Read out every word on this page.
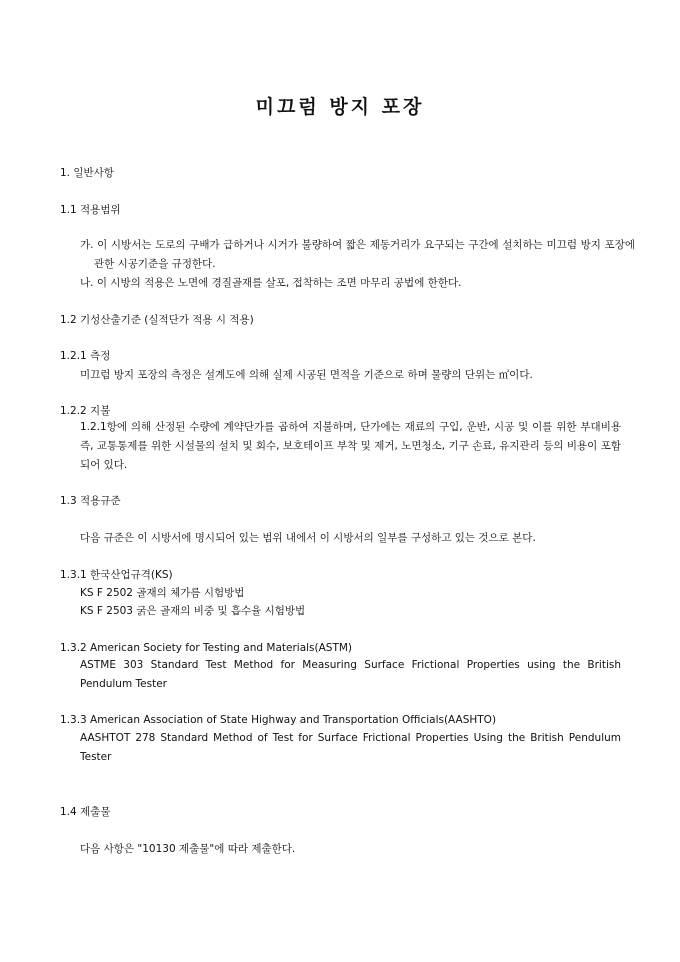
미끄럼 방지 포장
1. 일반사항
1.1 적용범위
가. 이 시방서는 도로의 구배가 급하거나 시거가 불량하여 짧은 제동거리가 요구되는 구간에 설치하는 미끄럼 방지 포장에 관한 시공기준을 규정한다.
나. 이 시방의 적용은 노면에 경질골재를 살포, 접착하는 조면 마무리 공법에 한한다.
1.2 기성산출기준 (실적단가 적용 시 적용)
1.2.1 측정
미끄럼 방지 포장의 측정은 설계도에 의해 실제 시공된 면적을 기준으로 하며 물량의 단위는 ㎡이다.
1.2.2 지불
1.2.1항에 의해 산정된 수량에 계약단가를 곱하여 지불하며, 단가에는 재료의 구입, 운반, 시공 및 이를 위한 부대비용 즉, 교통통제를 위한 시설물의 설치 및 회수, 보호테이프 부착 및 제거, 노면청소, 기구 손료, 유지관리 등의 비용이 포함되어 있다.
1.3 적용규준
다음 규준은 이 시방서에 명시되어 있는 범위 내에서 이 시방서의 일부를 구성하고 있는 것으로 본다.
1.3.1 한국산업규격(KS)
KS F 2502 골재의 체가름 시험방법
KS F 2503 굵은 골재의 비중 및 흡수율 시험방법
1.3.2 American Society for Testing and Materials(ASTM)
ASTME 303 Standard Test Method for Measuring Surface Frictional Properties using the British Pendulum Tester
1.3.3 American Association of State Highway and Transportation Officials(AASHTO)
AASHTOT 278 Standard Method of Test for Surface Frictional Properties Using the British Pendulum Tester
1.4 제출물
다음 사항은 "10130 제출물"에 따라 제출한다.
